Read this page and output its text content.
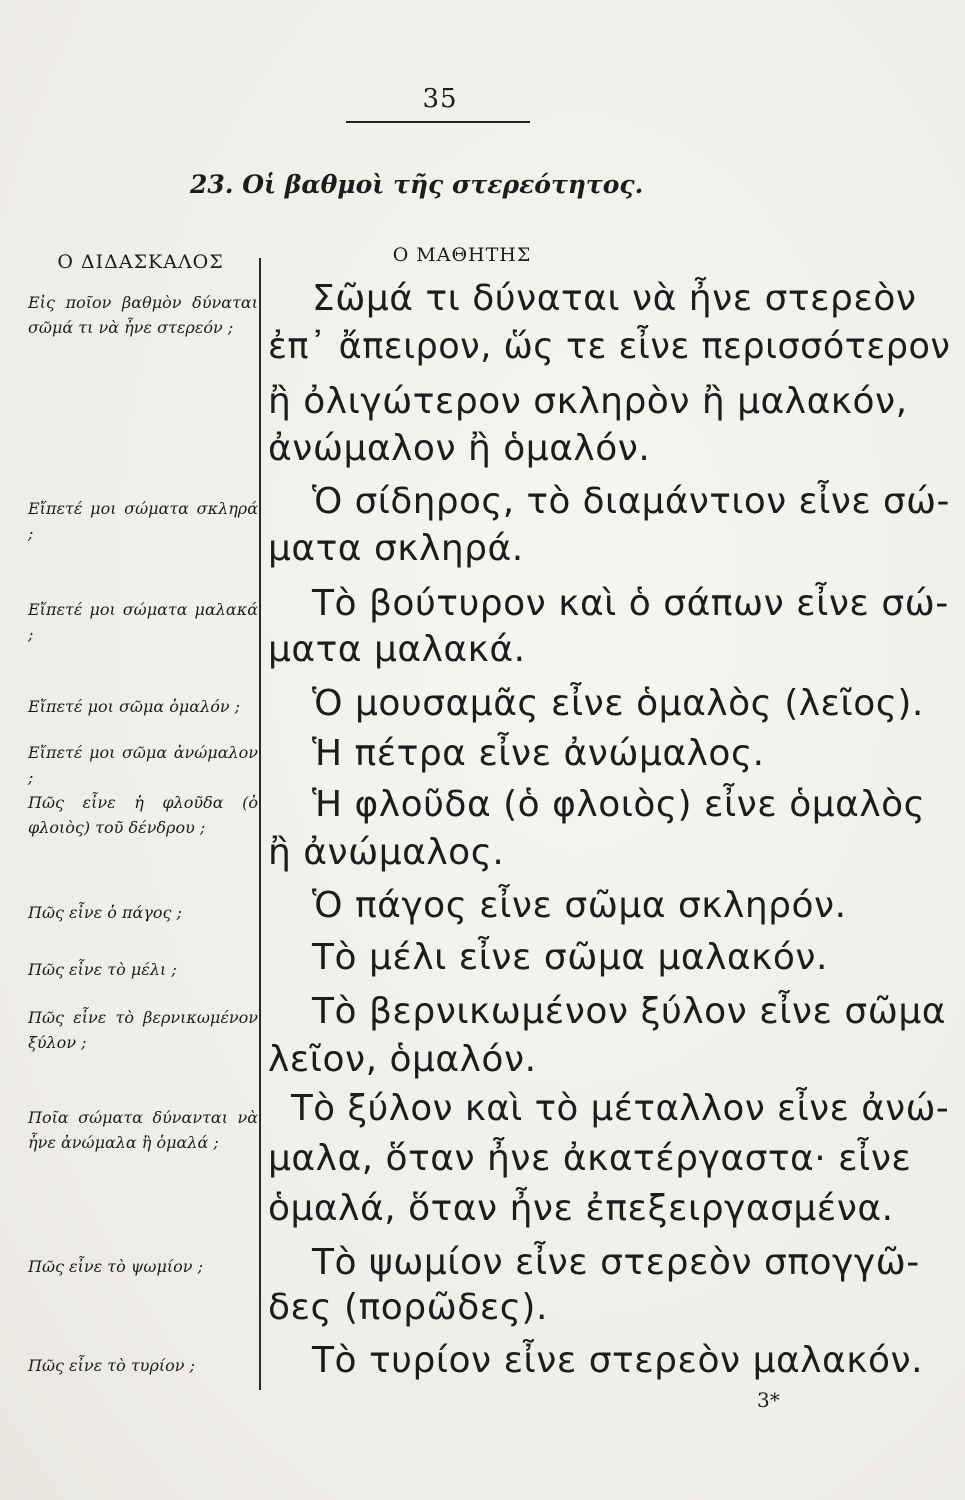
35
23. Οἱ βαθμοὶ τῆς στερεότητος.
Ο ΔΙΔΑΣΚΑΛΟΣ	Ο ΜΑΘΗΤΗΣ
Εἰς ποῖον βαθμὸν δύναται σῶμά τι νὰ ἦνε στερεόν ;
Εἴπετέ μοι σώματα σκληρά ;
Εἴπετέ μοι σώματα μαλακά ;
Εἴπετέ μοι σῶμα ὁμαλόν ;
Εἴπετέ μοι σῶμα ἀνώμαλον ;
Πῶς εἶνε ἡ φλοῦδα (ὁ φλοιὸς) τοῦ δένδρου ;
Πῶς εἶνε ὁ πάγος ;
Πῶς εἶνε τὸ μέλι ;
Πῶς εἶνε τὸ βερνικωμένον ξύλον ;
Ποῖα σώματα δύνανται νὰ ἦνε ἀνώμαλα ἢ ὁμαλά ;
Πῶς εἶνε τὸ ψωμίον ;
Πῶς εἶνε τὸ τυρίον ;
Σῶμά τι δύναται νὰ ἦνε στερεὸν
ἐπ᾽ ἄπειρον, ὥς τε εἶνε περισσότερον
ἢ ὀλιγώτερον σκληρὸν ἢ μαλακόν,
ἀνώμαλον ἢ ὁμαλόν.
Ὁ σίδηρος, τὸ διαμάντιον εἶνε σώ-
ματα σκληρά.
Τὸ βούτυρον καὶ ὁ σάπων εἶνε σώ-
ματα μαλακά.
Ὁ μουσαμᾶς εἶνε ὁμαλὸς (λεῖος).
Ἡ πέτρα εἶνε ἀνώμαλος.
Ἡ φλοῦδα (ὁ φλοιὸς) εἶνε ὁμαλὸς
ἢ ἀνώμαλος.
Ὁ πάγος εἶνε σῶμα σκληρόν.
Τὸ μέλι εἶνε σῶμα μαλακόν.
Τὸ βερνικωμένον ξύλον εἶνε σῶμα
λεῖον, ὁμαλόν.
Τὸ ξύλον καὶ τὸ μέταλλον εἶνε ἀνώ-
μαλα, ὅταν ἦνε ἀκατέργαστα· εἶνε
ὁμαλά, ὅταν ἦνε ἐπεξειργασμένα.
Τὸ ψωμίον εἶνε στερεὸν σπογγῶ-
δες (πορῶδες).
Τὸ τυρίον εἶνε στερεὸν μαλακόν.
3*
